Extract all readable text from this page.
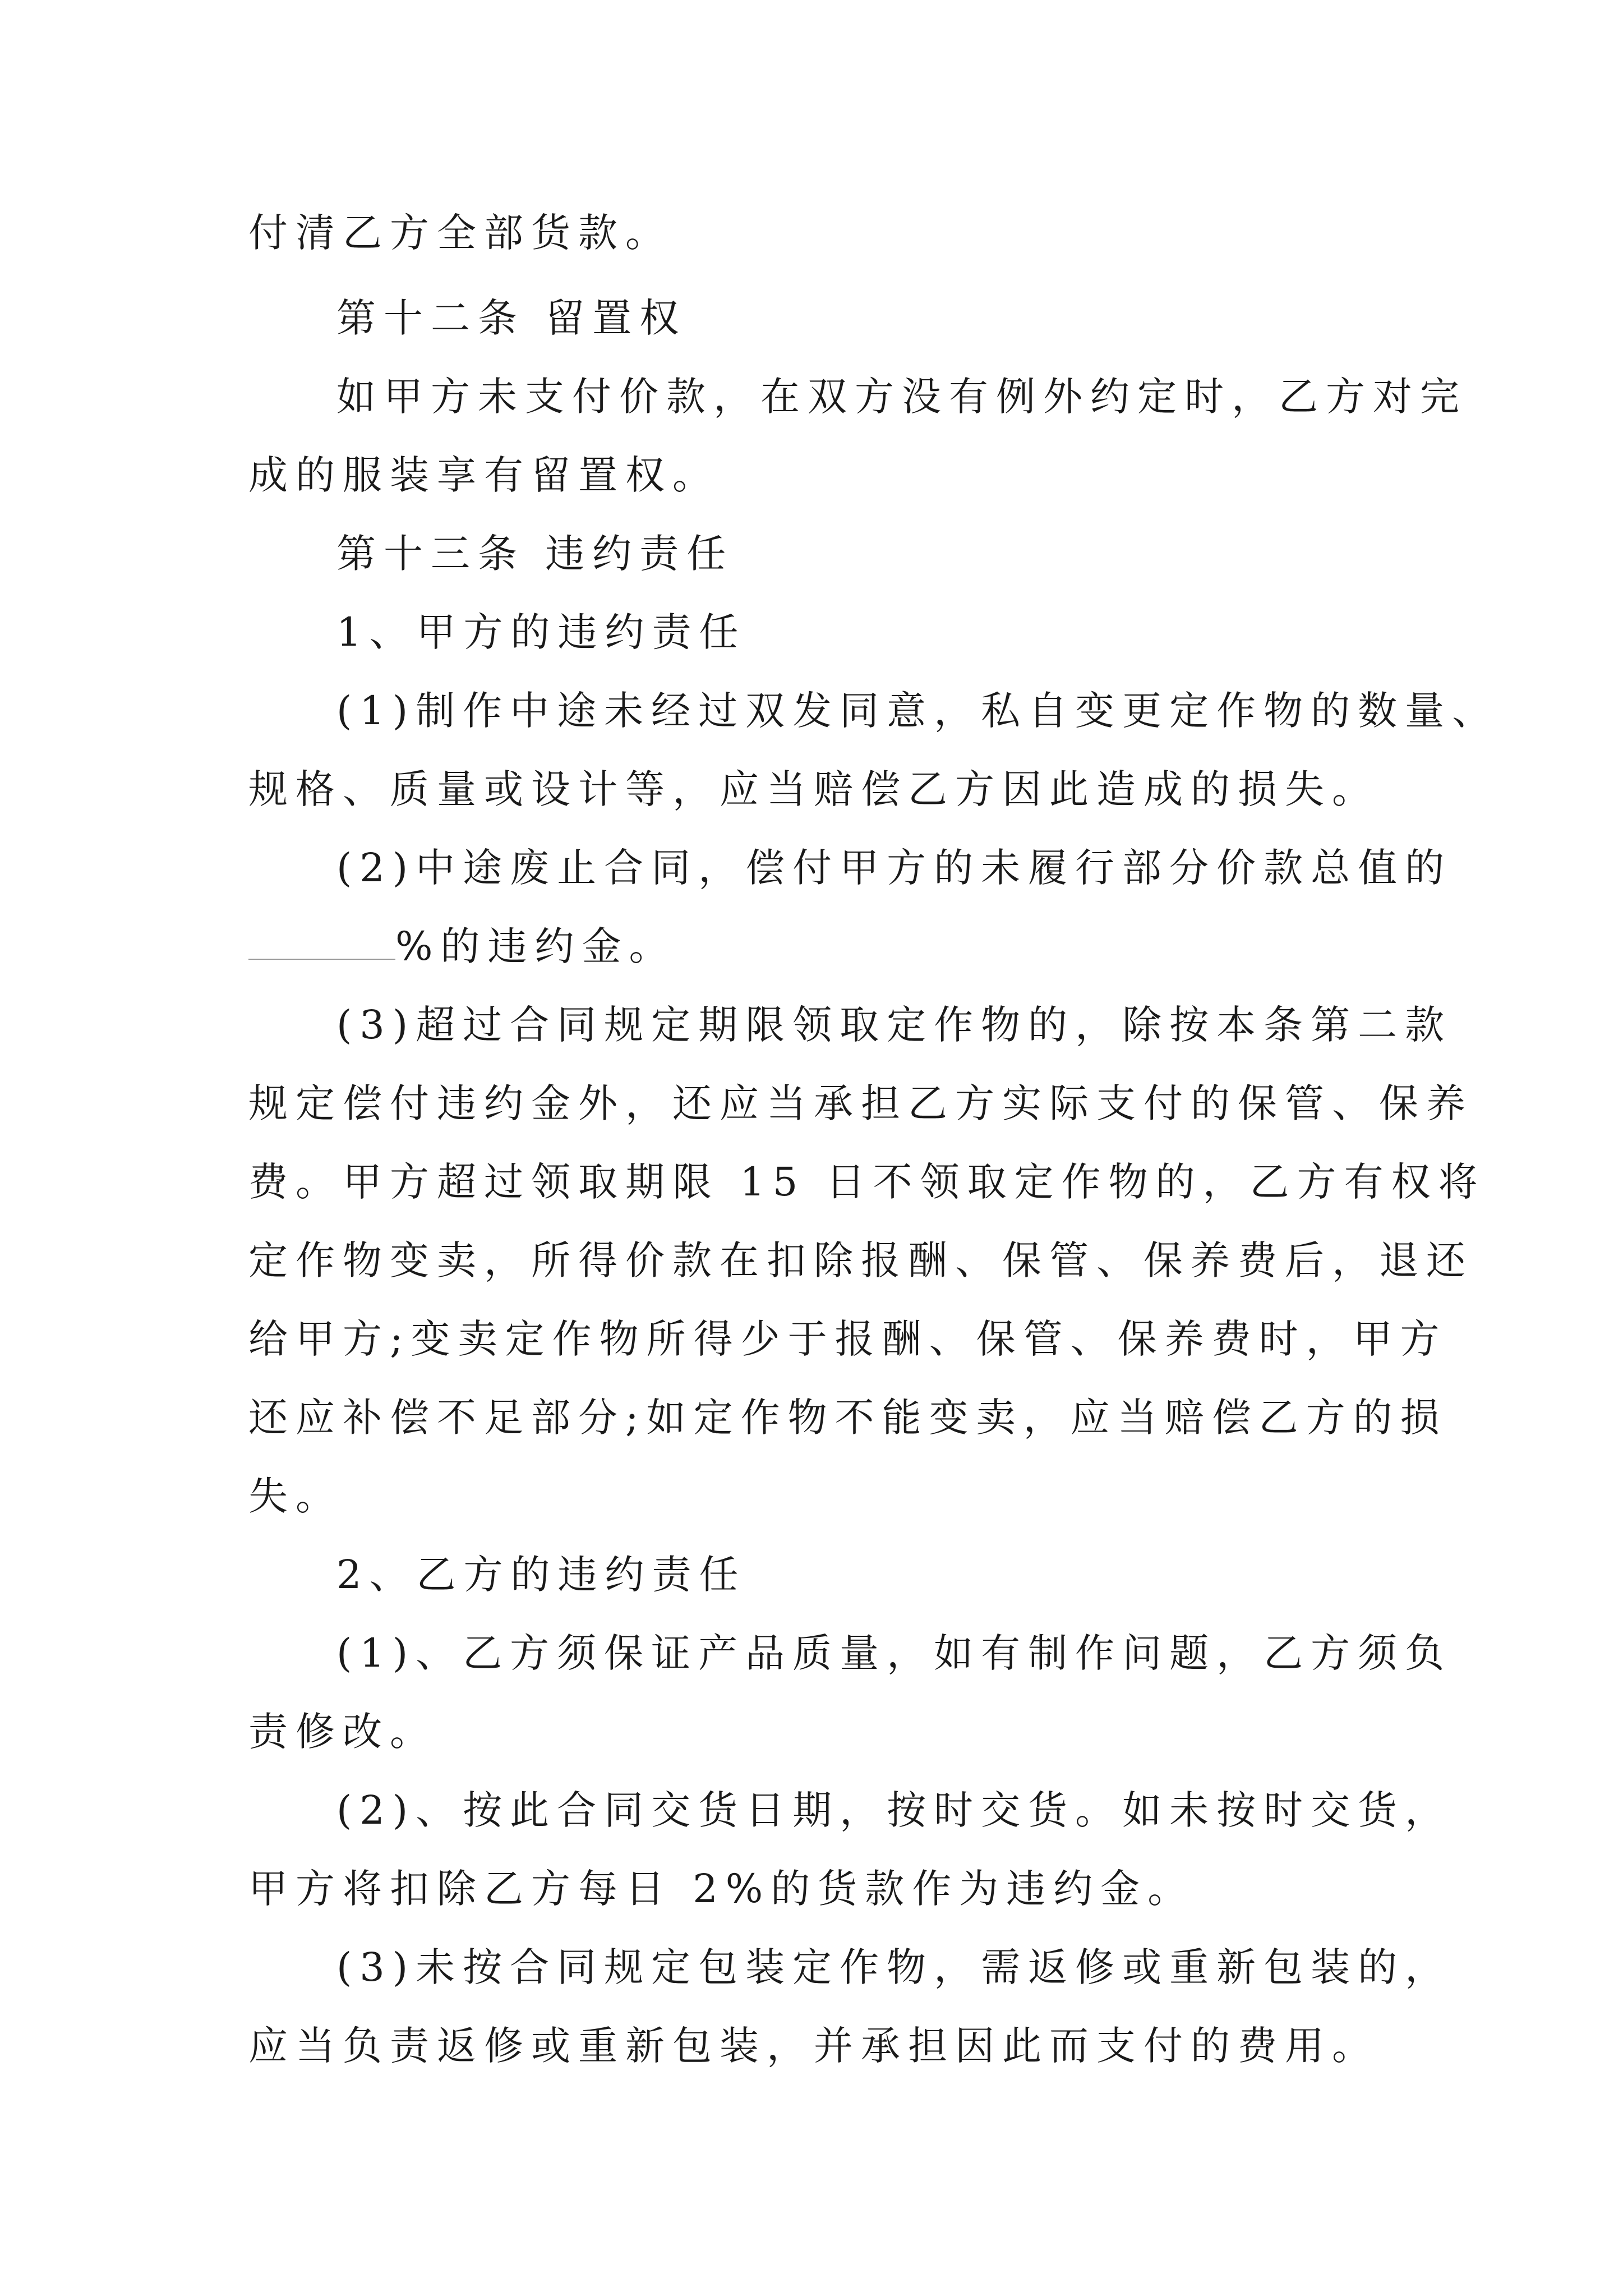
付清乙方全部货款。
第十二条 留置权
如甲方未支付价款，在双方没有例外约定时，乙方对完
成的服装享有留置权。
第十三条 违约责任
1、甲方的违约责任
(1)制作中途未经过双发同意，私自变更定作物的数量、
规格、质量或设计等，应当赔偿乙方因此造成的损失。
(2)中途废止合同，偿付甲方的未履行部分价款总值的
%的违约金。
(3)超过合同规定期限领取定作物的，除按本条第二款
规定偿付违约金外，还应当承担乙方实际支付的保管、保养
费。甲方超过领取期限 15 日不领取定作物的，乙方有权将
定作物变卖，所得价款在扣除报酬、保管、保养费后，退还
给甲方;变卖定作物所得少于报酬、保管、保养费时，甲方
还应补偿不足部分;如定作物不能变卖，应当赔偿乙方的损
失。
2、乙方的违约责任
(1)、乙方须保证产品质量，如有制作问题，乙方须负
责修改。
(2)、按此合同交货日期，按时交货。如未按时交货，
甲方将扣除乙方每日 2%的货款作为违约金。
(3)未按合同规定包装定作物，需返修或重新包装的，
应当负责返修或重新包装，并承担因此而支付的费用。
